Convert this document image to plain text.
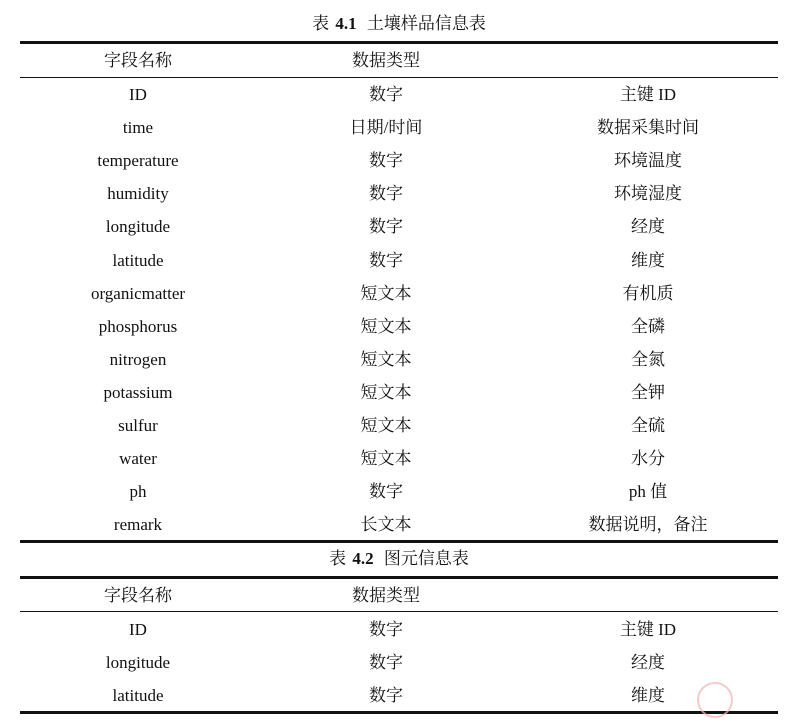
表 4.1 土壤样品信息表
字段名称	数据类型
ID	数字	主键 ID
time	日期/时间	数据采集时间
temperature	数字	环境温度
humidity	数字	环境湿度
longitude	数字	经度
latitude	数字	维度
organicmatter	短文本	有机质
phosphorus	短文本	全磷
nitrogen	短文本	全氮
potassium	短文本	全钾
sulfur	短文本	全硫
water	短文本	水分
ph	数字	ph 值
remark	长文本	数据说明，备注
表 4.2 图元信息表
字段名称	数据类型
ID	数字	主键 ID
longitude	数字	经度
latitude	数字	维度
